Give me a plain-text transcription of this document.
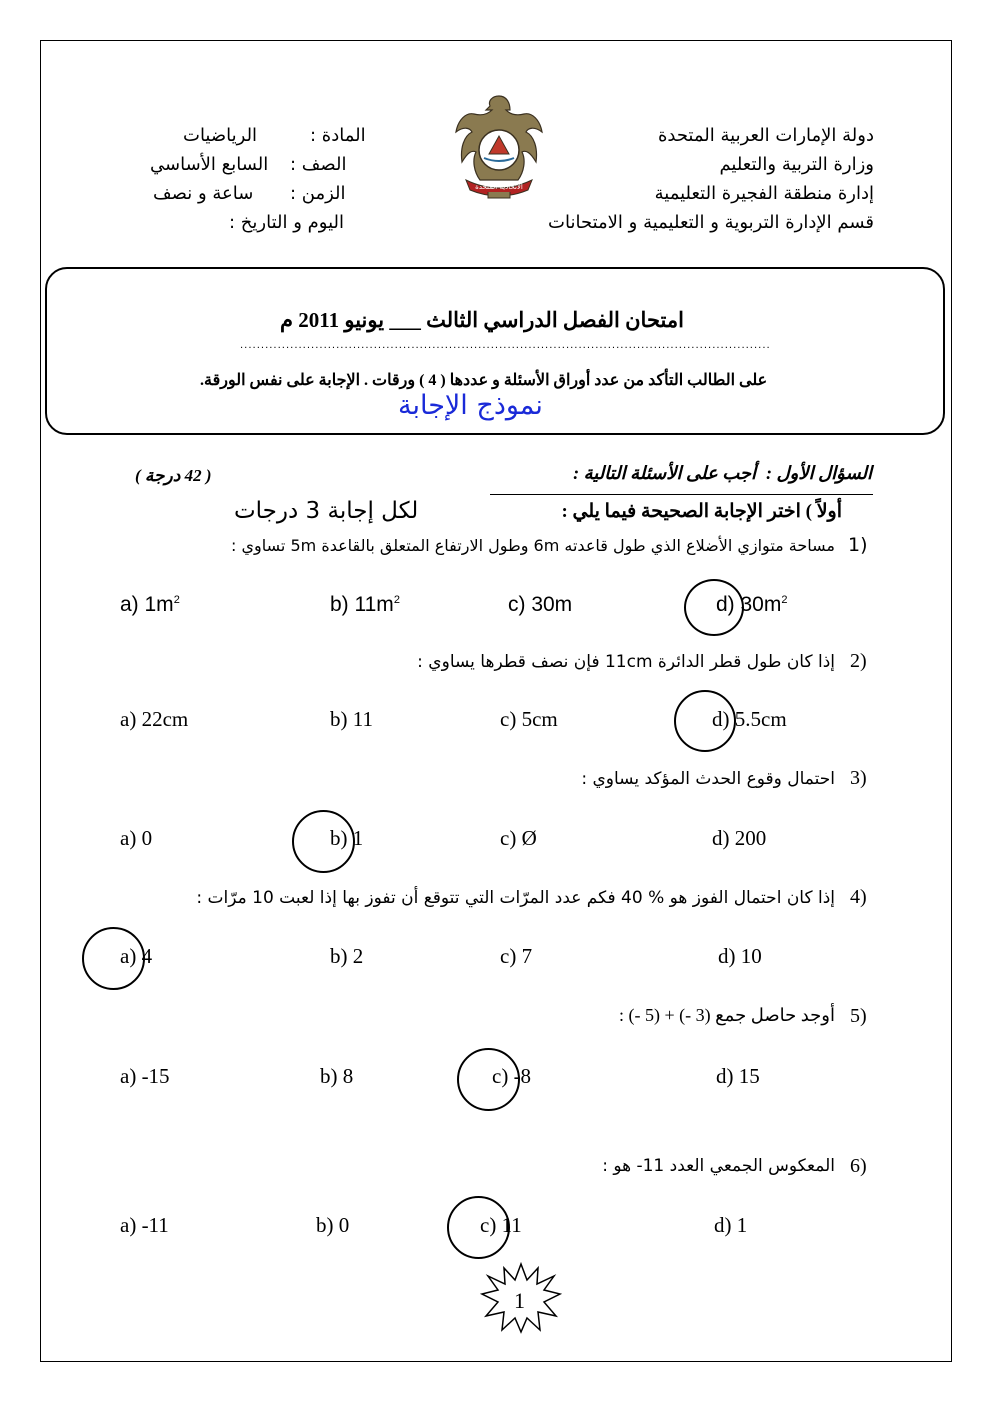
دولة الإمارات العربية المتحدة
وزارة التربية والتعليم
إدارة منطقة الفجيرة التعليمية
قسم الإدارة التربوية و التعليمية و الامتحانات
الاتحادية المتحدة
المادة :
الرياضيات
الصف :
السابع الأساسي
الزمن :
ساعة و نصف
اليوم و التاريخ :
امتحان الفصل الدراسي الثالث ___ يونيو 2011 م
...............................................................................................................................
على الطالب التأكد من عدد أوراق الأسئلة و عددها ( 4 ) ورقات . الإجابة على نفس الورقة.
نموذج الإجابة
السؤال الأول :
أجب على الأسئلة التالية :
( 42 درجة )
أولاً ) اختر الإجابة الصحيحة فيما يلي :
لكل إجابة 3 درجات
1)
مساحة متوازي الأضلاع الذي طول قاعدته 6m وطول الارتفاع المتعلق بالقاعدة 5m تساوي :
a) $1m^2$	b) $11m^2$	c) 30m	d) $30m^2$
2)
إذا كان طول قطر الدائرة 11cm فإن نصف قطرها يساوي :
a) 22cm	b) 11	c) 5cm	d) 5.5cm
3)
احتمال وقوع الحدث المؤكد يساوي :
a) 0	b) 1	c) Ø	d) 200
4)
إذا كان احتمال الفوز هو % 40 فكم عدد المرّات التي تتوقع أن تفوز بها إذا لعبت 10 مرّات :
a) 4	b) 2	c) 7	d) 10
5)
أوجد حاصل جمع (3 -) + (5 -) :
a) -15	b) 8	c) -8	d) 15
6)
المعكوس الجمعي العدد 11- هو :
a) -11	b) 0	c) 11	d) 1
1
